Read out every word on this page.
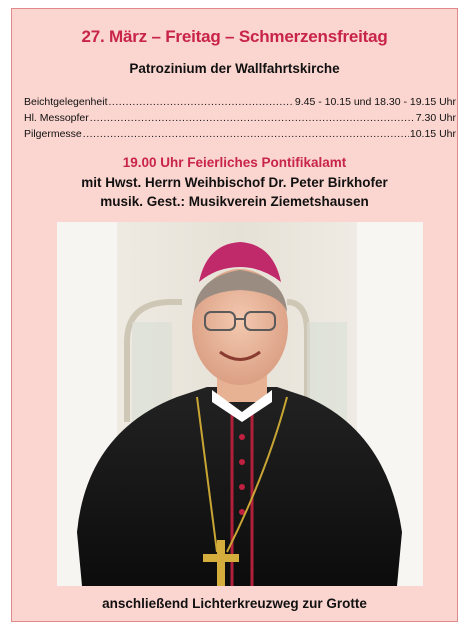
27. März – Freitag – Schmerzensfreitag
Patrozinium der Wallfahrtskirche
Beichtgelegenheit .....	9.45 - 10.15 und 18.30 - 19.15 Uhr
Hl. Messopfer .....	7.30 Uhr
Pilgermesse .....	10.15 Uhr
19.00 Uhr Feierliches Pontifikalamt
mit Hwst. Herrn Weihbischof Dr. Peter Birkhofer
musik. Gest.: Musikverein Ziemetshausen
anschließend Lichterkreuzweg zur Grotte
